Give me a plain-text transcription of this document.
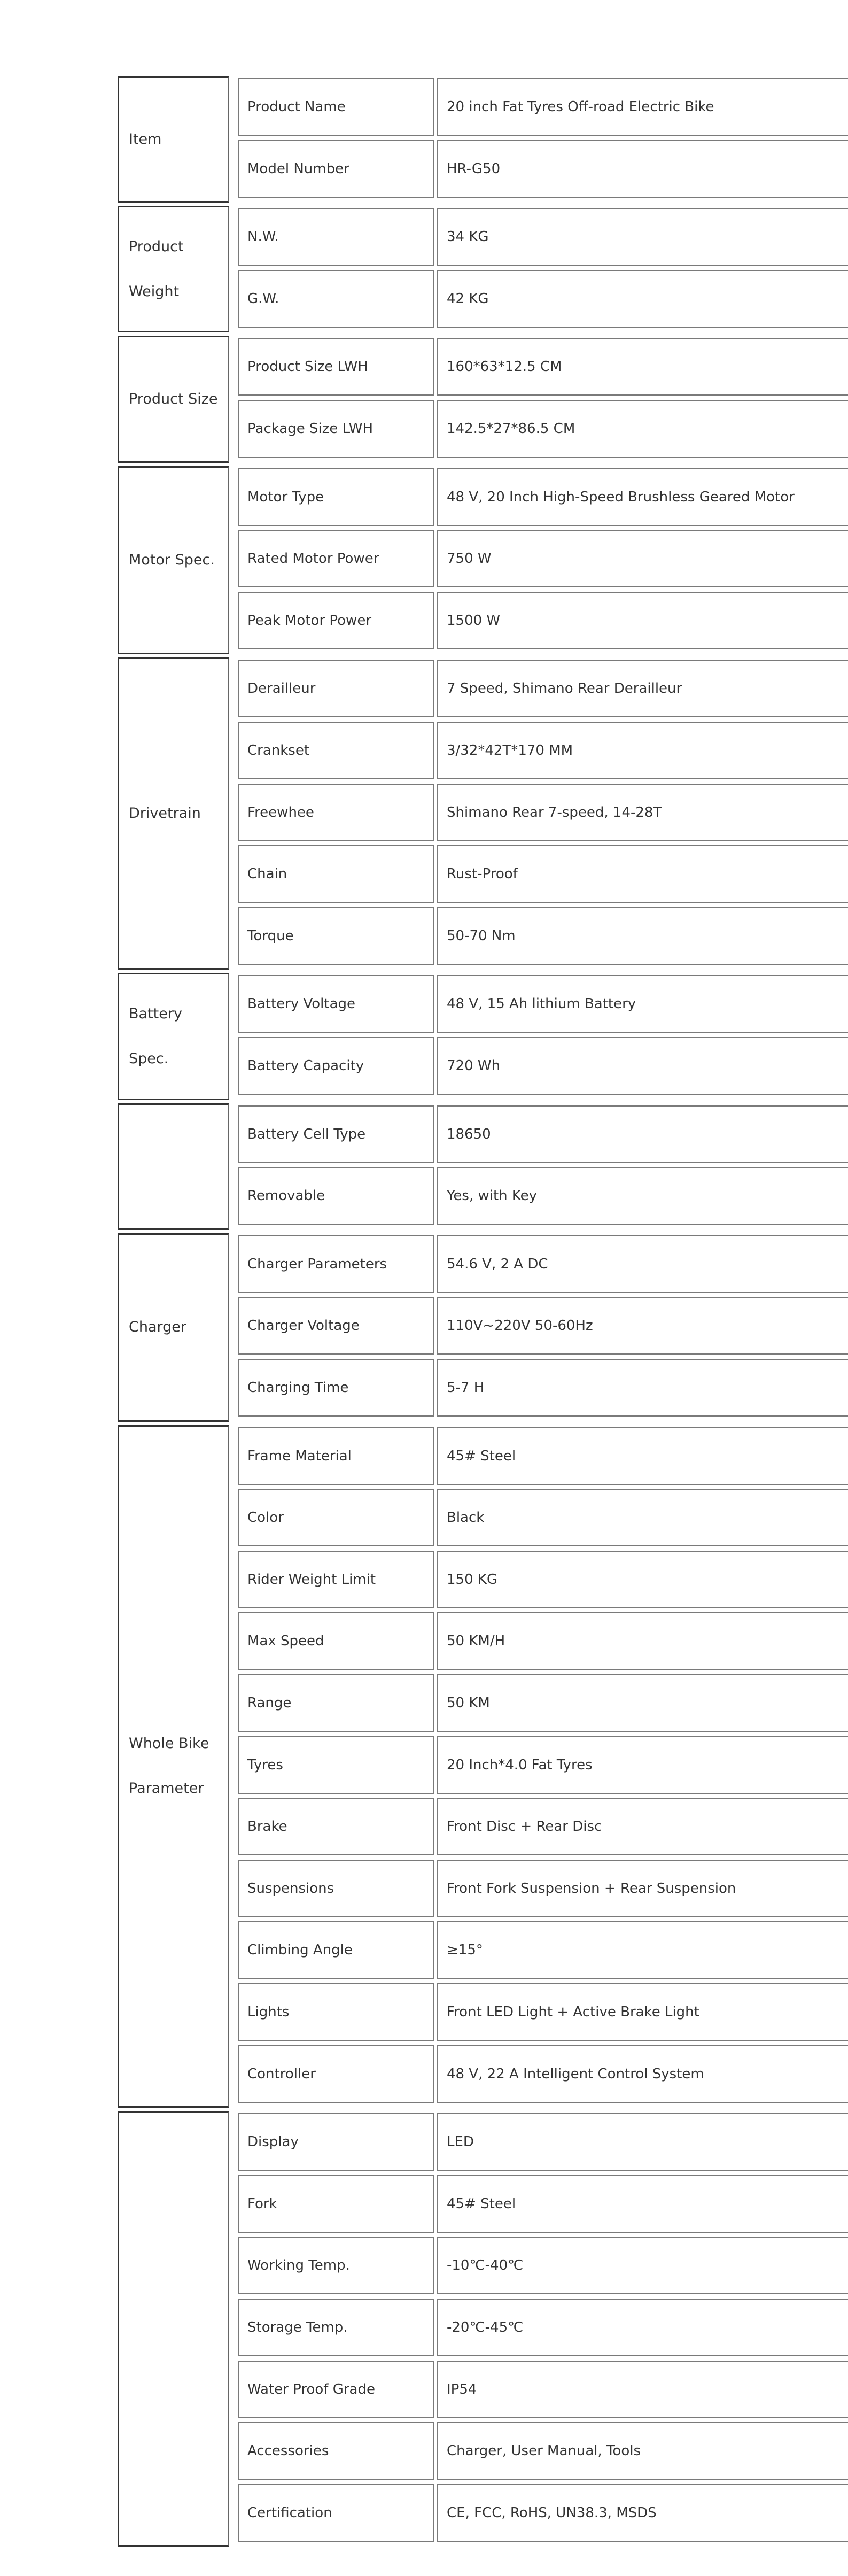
Item
Product Name	20 inch Fat Tyres Off-road Electric Bike
Model Number	HR-G50
Product Weight
N.W.	34 KG
G.W.	42 KG
Product Size
Product Size LWH	160*63*12.5 CM
Package Size LWH	142.5*27*86.5 CM
Motor Spec.
Motor Type	48 V, 20 Inch High-Speed Brushless Geared Motor
Rated Motor Power	750 W
Peak Motor Power	1500 W
Drivetrain
Derailleur	7 Speed, Shimano Rear Derailleur
Crankset	3/32*42T*170 MM
Freewhee	Shimano Rear 7-speed, 14-28T
Chain	Rust-Proof
Torque	50-70 Nm
Battery Spec.
Battery Voltage	48 V, 15 Ah lithium Battery
Battery Capacity	720 Wh
Battery Cell Type	18650
Removable	Yes, with Key
Charger
Charger Parameters	54.6 V, 2 A DC
Charger Voltage	110V~220V 50-60Hz
Charging Time	5-7 H
Whole Bike Parameter
Frame Material	45# Steel
Color	Black
Rider Weight Limit	150 KG
Max Speed	50 KM/H
Range	50 KM
Tyres	20 Inch*4.0 Fat Tyres
Brake	Front Disc + Rear Disc
Suspensions	Front Fork Suspension + Rear Suspension
Climbing Angle	≥15°
Lights	Front LED Light + Active Brake Light
Controller	48 V, 22 A Intelligent Control System
Display	LED
Fork	45# Steel
Working Temp.	-10℃-40℃
Storage Temp.	-20℃-45℃
Water Proof Grade	IP54
Accessories	Charger, User Manual, Tools
Certification	CE, FCC, RoHS, UN38.3, MSDS
